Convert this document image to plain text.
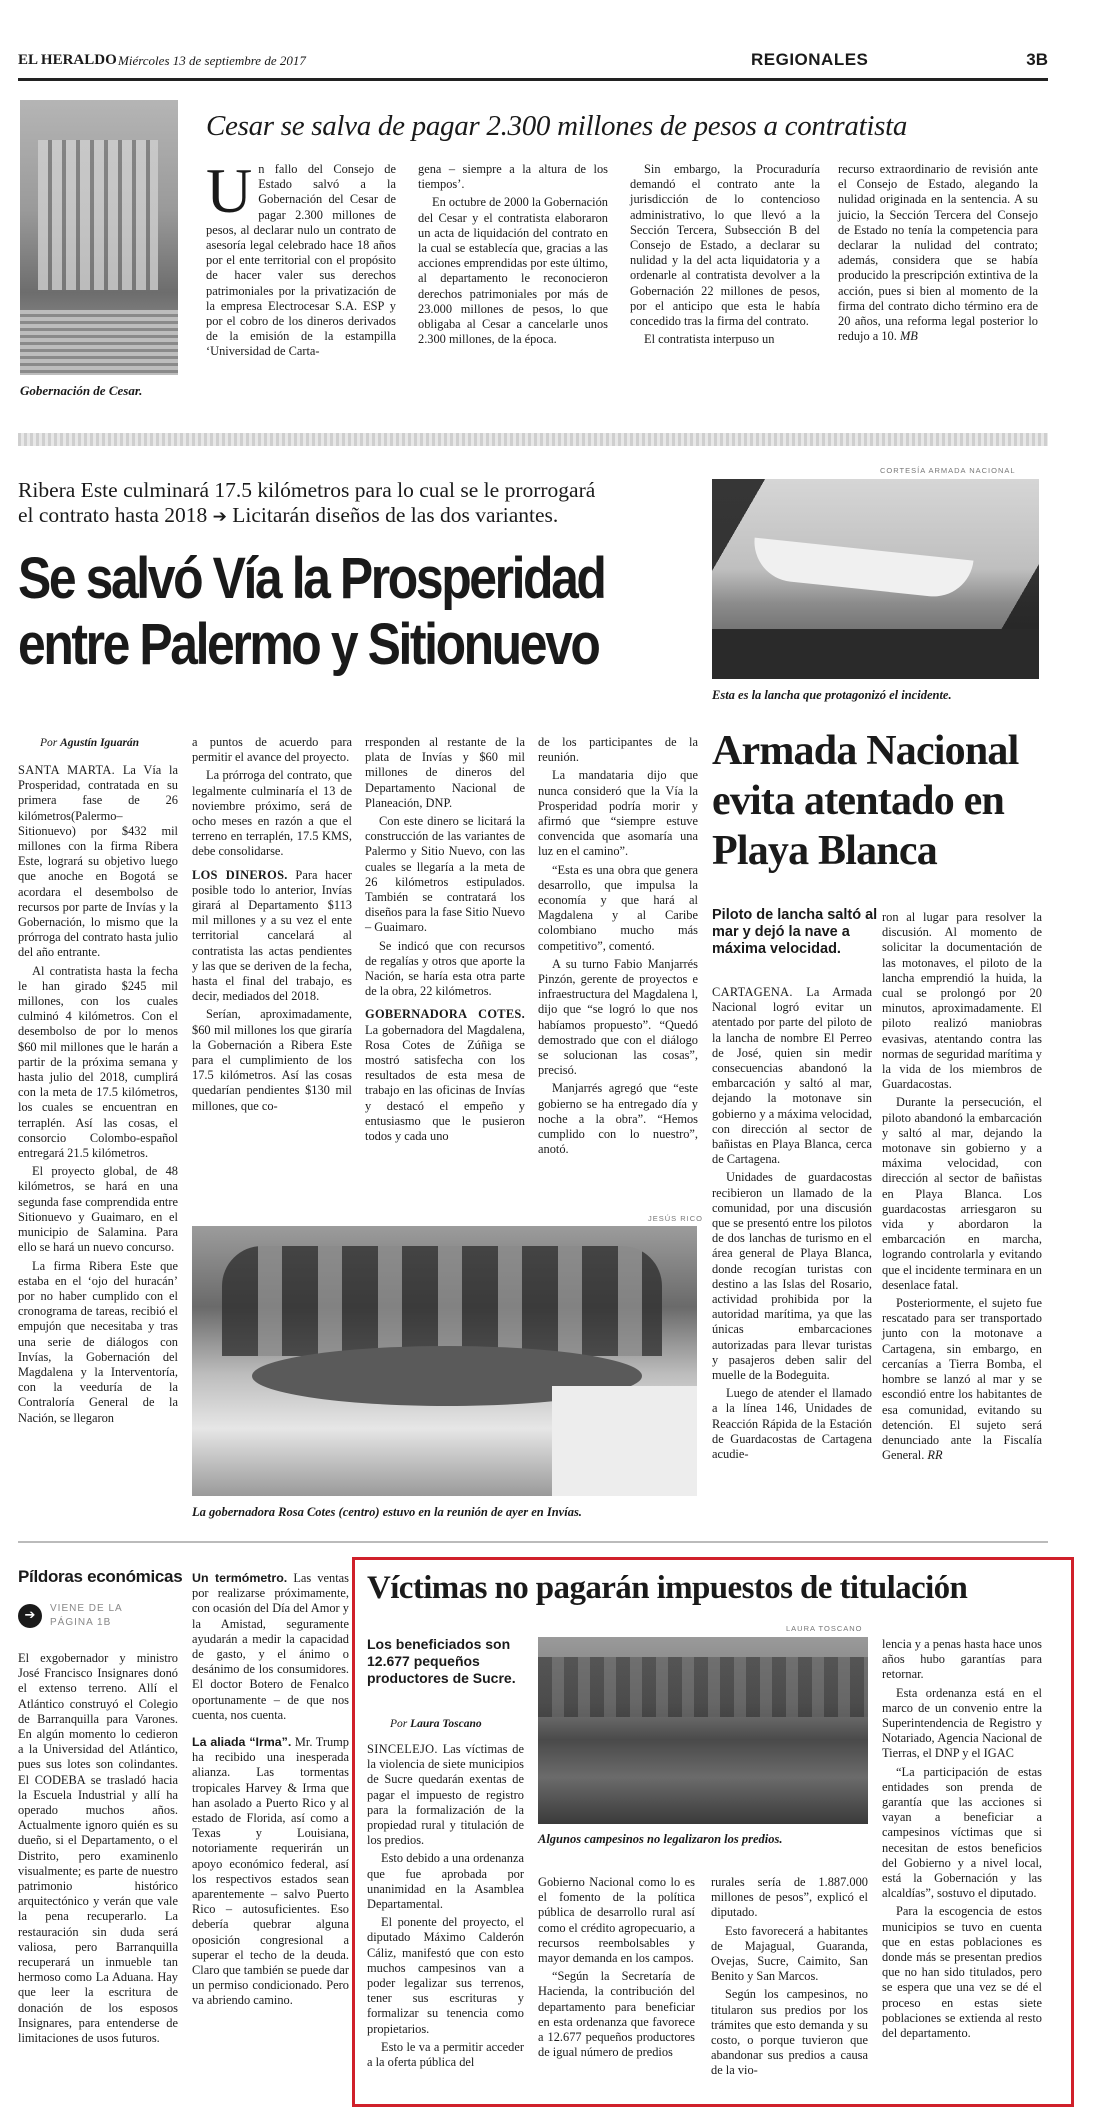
EL HERALDO Miércoles 13 de septiembre de 2017	REGIONALES	3B
Gobernación de Cesar.
Cesar se salva de pagar 2.300 millones de pesos a contratista
Un fallo del Consejo de Estado salvó a la Gobernación del Cesar de pagar 2.300 millones de pesos, al declarar nulo un contrato de asesoría legal celebrado hace 18 años por el ente territorial con el propósito de hacer valer sus derechos patrimoniales por la privatización de la empresa Electrocesar S.A. ESP y por el cobro de los dineros derivados de la emisión de la estampilla ‘Universidad de Carta-

gena – siempre a la altura de los tiempos’.

En octubre de 2000 la Gobernación del Cesar y el contratista elaboraron un acta de liquidación del contrato en la cual se establecía que, gracias a las acciones emprendidas por este último, al departamento le reconocieron derechos patrimoniales por más de 23.000 millones de pesos, lo que obligaba al Cesar a cancelarle unos 2.300 millones, de la época.

Sin embargo, la Procuraduría demandó el contrato ante la jurisdicción de lo contencioso administrativo, lo que llevó a la Sección Tercera, Subsección B del Consejo de Estado, a declarar su nulidad y la del acta liquidatoria y a ordenarle al contratista devolver a la Gobernación 22 millones de pesos, por el anticipo que esta le había concedido tras la firma del contrato.

El contratista interpuso un

recurso extraordinario de revisión ante el Consejo de Estado, alegando la nulidad originada en la sentencia. A su juicio, la Sección Tercera del Consejo de Estado no tenía la competencia para declarar la nulidad del contrato; además, considera que se había producido la prescripción extintiva de la acción, pues si bien al momento de la firma del contrato dicho término era de 20 años, una reforma legal posterior lo redujo a 10. MB
Ribera Este culminará 17.5 kilómetros para lo cual se le prorrogará
el contrato hasta 2018 ➔ Licitarán diseños de las dos variantes.
Se salvó Vía la Prosperidad
entre Palermo y Sitionuevo
CORTESÍA ARMADA NACIONAL
Esta es la lancha que protagonizó el incidente.
Por Agustín Iguarán

SANTA MARTA. La Vía la Prosperidad, contratada en su primera fase de 26 kilómetros(Palermo–Sitionuevo) por $432 mil millones con la firma Ribera Este, logrará su objetivo luego que anoche en Bogotá se acordara el desembolso de recursos por parte de Invías y la Gobernación, lo mismo que la prórroga del contrato hasta julio del año entrante.

Al contratista hasta la fecha le han girado $245 mil millones, con los cuales culminó 4 kilómetros. Con el desembolso de por lo menos $60 mil millones que le harán a partir de la próxima semana y hasta julio del 2018, cumplirá con la meta de 17.5 kilómetros, los cuales se encuentran en terraplén. Así las cosas, el consorcio Colombo-español entregará 21.5 kilómetros.

El proyecto global, de 48 kilómetros, se hará en una segunda fase comprendida entre Sitionuevo y Guaimaro, en el municipio de Salamina. Para ello se hará un nuevo concurso.

La firma Ribera Este que estaba en el ‘ojo del huracán’ por no haber cumplido con el cronograma de tareas, recibió el empujón que necesitaba y tras una serie de diálogos con Invías, la Gobernación del Magdalena y la Interventoría, con la veeduría de la Contraloría General de la Nación, se llegaron

a puntos de acuerdo para permitir el avance del proyecto.

La prórroga del contrato, que legalmente culminaría el 13 de noviembre próximo, será de ocho meses en razón a que el terreno en terraplén, 17.5 KMS, debe consolidarse.

LOS DINEROS. Para hacer posible todo lo anterior, Invías girará al Departamento $113 mil millones y a su vez el ente territorial cancelará al contratista las actas pendientes y las que se deriven de la fecha, hasta el final del trabajo, es decir, mediados del 2018.

Serían, aproximadamente, $60 mil millones los que giraría la Gobernación a Ribera Este para el cumplimiento de los 17.5 kilómetros. Así las cosas quedarían pendientes $130 mil millones, que co-

rresponden al restante de la plata de Invías y $60 mil millones de dineros del Departamento Nacional de Planeación, DNP.

Con este dinero se licitará la construcción de las variantes de Palermo y Sitio Nuevo, con las cuales se llegaría a la meta de 26 kilómetros estipulados. También se contratará los diseños para la fase Sitio Nuevo – Guaimaro.

Se indicó que con recursos de regalías y otros que aporte la Nación, se haría esta otra parte de la obra, 22 kilómetros.

GOBERNADORA COTES. La gobernadora del Magdalena, Rosa Cotes de Zúñiga se mostró satisfecha con los resultados de esta mesa de trabajo en las oficinas de Invías y destacó el empeño y entusiasmo que le pusieron todos y cada uno

de los participantes de la reunión.

La mandataria dijo que nunca consideró que la Vía la Prosperidad podría morir y afirmó que “siempre estuve convencida que asomaría una luz en el camino”.

“Esta es una obra que genera desarrollo, que impulsa la economía y que hará al Magdalena y al Caribe colombiano mucho más competitivo”, comentó.

A su turno Fabio Manjarrés Pinzón, gerente de proyectos e infraestructura del Magdalena l, dijo que “se logró lo que nos habíamos propuesto”. “Quedó demostrado que con el diálogo se solucionan las cosas”, precisó.

Manjarrés agregó que “este gobierno se ha entregado día y noche a la obra”. “Hemos cumplido con lo nuestro”, anotó.

JESÚS RICO
La gobernadora Rosa Cotes (centro) estuvo en la reunión de ayer en Invías.
Armada Nacional evita atentado en Playa Blanca
Piloto de lancha saltó al mar y dejó la nave a máxima velocidad.

CARTAGENA. La Armada Nacional logró evitar un atentado por parte del piloto de la lancha de nombre El Perreo de José, quien sin medir consecuencias abandonó la embarcación y saltó al mar, dejando la motonave sin gobierno y a máxima velocidad, con dirección al sector de bañistas en Playa Blanca, cerca de Cartagena.

Unidades de guardacostas recibieron un llamado de la comunidad, por una discusión que se presentó entre los pilotos de dos lanchas de turismo en el área general de Playa Blanca, donde recogían turistas con destino a las Islas del Rosario, actividad prohibida por la autoridad marítima, ya que las únicas embarcaciones autorizadas para llevar turistas y pasajeros deben salir del muelle de la Bodeguita.

Luego de atender el llamado a la línea 146, Unidades de Reacción Rápida de la Estación de Guardacostas de Cartagena acudie-

ron al lugar para resolver la discusión. Al momento de solicitar la documentación de las motonaves, el piloto de la lancha emprendió la huida, la cual se prolongó por 20 minutos, aproximadamente. El piloto realizó maniobras evasivas, atentando contra las normas de seguridad marítima y la vida de los miembros de Guardacostas.

Durante la persecución, el piloto abandonó la embarcación y saltó al mar, dejando la motonave sin gobierno y a máxima velocidad, con dirección al sector de bañistas en Playa Blanca. Los guardacostas arriesgaron su vida y abordaron la embarcación en marcha, logrando controlarla y evitando que el incidente terminara en un desenlace fatal.

Posteriormente, el sujeto fue rescatado para ser transportado junto con la motonave a Cartagena, sin embargo, en cercanías a Tierra Bomba, el hombre se lanzó al mar y se escondió entre los habitantes de esa comunidad, evitando su detención. El sujeto será denunciado ante la Fiscalía General. RR

Píldoras económicas
➔	VIENE DE LA PÁGINA 1B
El exgobernador y ministro José Francisco Insignares donó el extenso terreno. Allí el Atlántico construyó el Colegio de Barranquilla para Varones. En algún momento lo cedieron a la Universidad del Atlántico, pues sus lotes son colindantes. El CODEBA se trasladó hacia la Escuela Industrial y allí ha operado muchos años. Actualmente ignoro quién es su dueño, si el Departamento, o el Distrito, pero examinenlo visualmente; es parte de nuestro patrimonio histórico arquitectónico y verán que vale la pena recuperarlo. La restauración sin duda será valiosa, pero Barranquilla recuperará un inmueble tan hermoso como La Aduana. Hay que leer la escritura de donación de los esposos Insignares, para entenderse de limitaciones de usos futuros.

Un termómetro. Las ventas por realizarse próximamente, con ocasión del Día del Amor y la Amistad, seguramente ayudarán a medir la capacidad de gasto, y el ánimo o desánimo de los consumidores. El doctor Botero de Fenalco oportunamente – de que nos cuenta, nos cuenta.

La aliada “Irma”. Mr. Trump ha recibido una inesperada alianza. Las tormentas tropicales Harvey & Irma que han asolado a Puerto Rico y al estado de Florida, así como a Texas y Louisiana, notoriamente requerirán un apoyo económico federal, así los respectivos estados sean aparentemente – salvo Puerto Rico – autosuficientes. Eso debería quebrar alguna oposición congresional a superar el techo de la deuda. Claro que también se puede dar un permiso condicionado. Pero va abriendo camino.

Víctimas no pagarán impuestos de titulación
Los beneficiados son 12.677 pequeños productores de Sucre.
Por Laura Toscano
LAURA TOSCANO
Algunos campesinos no legalizaron los predios.

SINCELEJO. Las víctimas de la violencia de siete municipios de Sucre quedarán exentas de pagar el impuesto de registro para la formalización de la propiedad rural y titulación de los predios.

Esto debido a una ordenanza que fue aprobada por unanimidad en la Asamblea Departamental.

El ponente del proyecto, el diputado Máximo Calderón Cáliz, manifestó que con esto muchos campesinos van a poder legalizar sus terrenos, tener sus escrituras y formalizar su tenencia como propietarios.

Esto le va a permitir acceder a la oferta pública del

Gobierno Nacional como lo es el fomento de la política pública de desarrollo rural así como el crédito agropecuario, a recursos reembolsables y mayor demanda en los campos.

“Según la Secretaría de Hacienda, la contribución del departamento para beneficiar en esta ordenanza que favorece a 12.677 pequeños productores de igual número de predios

rurales sería de 1.887.000 millones de pesos”, explicó el diputado.

Esto favorecerá a habitantes de Majagual, Guaranda, Ovejas, Sucre, Caimito, San Benito y San Marcos.

Según los campesinos, no titularon sus predios por los trámites que esto demanda y su costo, o porque tuvieron que abandonar sus predios a causa de la vio-

lencia y a penas hasta hace unos años hubo garantías para retornar.

Esta ordenanza está en el marco de un convenio entre la Superintendencia de Registro y Notariado, Agencia Nacional de Tierras, el DNP y el IGAC

“La participación de estas entidades son prenda de garantía que las acciones si vayan a beneficiar a campesinos víctimas que si necesitan de estos beneficios del Gobierno y a nivel local, está la Gobernación y las alcaldías”, sostuvo el diputado.

Para la escogencia de estos municipios se tuvo en cuenta que en estas poblaciones es donde más se presentan predios que no han sido titulados, pero se espera que una vez se dé el proceso en estas siete poblaciones se extienda al resto del departamento.
